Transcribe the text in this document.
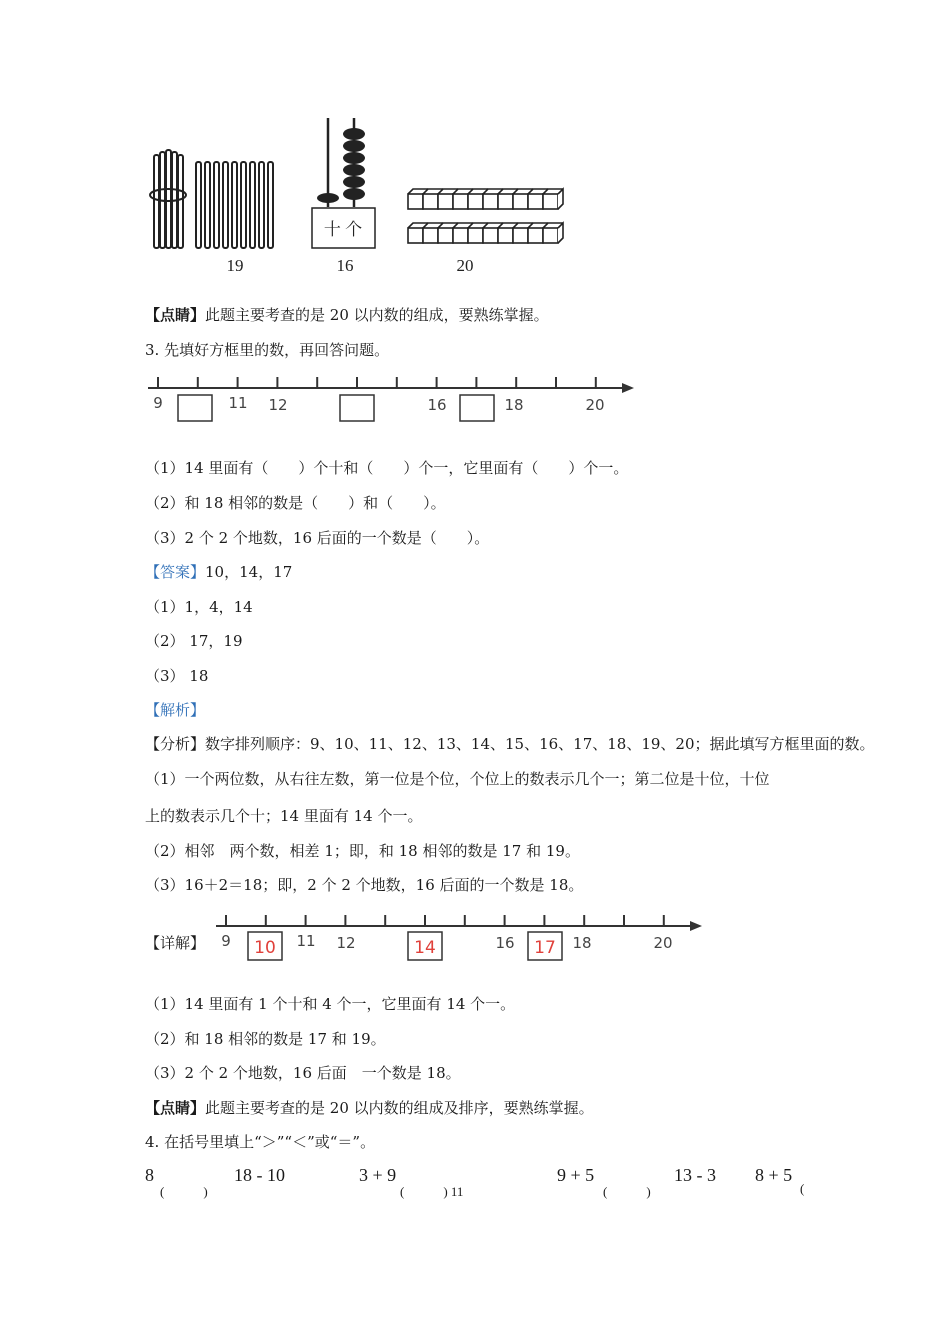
十 个
19	16	20
【点睛】此题主要考查的是 20 以内数的组成，要熟练掌握。
3. 先填好方框里的数，再回答问题。
9	11 12	16	18	20
（1）14 里面有（　　）个十和（　　）个一，它里面有（　　）个一。
（2）和 18 相邻的数是（　　）和（　　）。
（3）2 个 2 个地数，16 后面的一个数是（　　）。
【答案】10，14，17
（1）1，4，14
（2） 17，19
（3） 18
【解析】
【分析】数字排列顺序：9、10、11、12、13、14、15、16、17、18、19、20；据此填写方框里面的数。
（1）一个两位数，从右往左数，第一位是个位，个位上的数表示几个一；第二位是十位，十位
上的数表示几个十；14 里面有 14 个一。
（2）相邻　两个数，相差 1；即，和 18 相邻的数是 17 和 19。
（3）16＋2＝18；即，2 个 2 个地数，16 后面的一个数是 18。
【详解】 9 10 11 12	14	16 17 18	20
（1）14 里面有 1 个十和 4 个一，它里面有 14 个一。
（2）和 18 相邻的数是 17 和 19。
（3）2 个 2 个地数，16 后面　一个数是 18。
【点睛】此题主要考查的是 20 以内数的组成及排序，要熟练掌握。
4. 在括号里填上“＞”“＜”或“＝”。
8
(　　　)
18 - 10	3 + 9
(　　　) 11
9 + 5
(　　　)
13 - 3 8 + 5
(
